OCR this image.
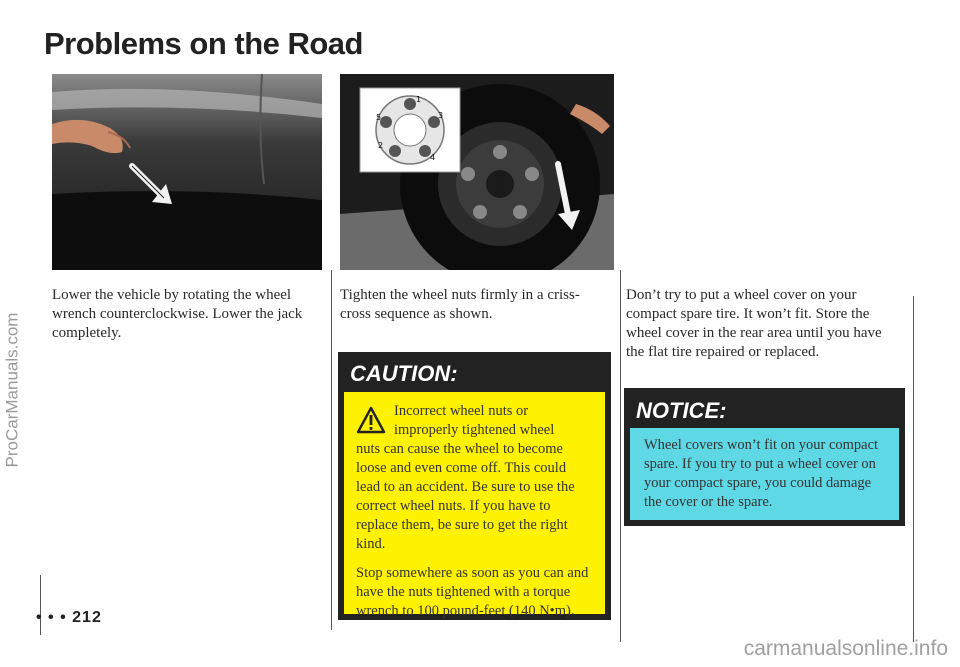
Problems on the Road
1
2
3
4
5
Lower the vehicle by rotating the wheel wrench counterclockwise. Lower the jack completely.
Tighten the wheel nuts firmly in a criss-cross sequence as shown.
Don’t try to put a wheel cover on your compact spare tire. It won’t fit. Store the wheel cover in the rear area until you have the flat tire repaired or replaced.
CAUTION:
Incorrect wheel nuts or improperly tightened wheel
nuts can cause the wheel to become loose and even come off. This could lead to an accident. Be sure to use the correct wheel nuts. If you have to replace them, be sure to get the right kind.
Stop somewhere as soon as you can and have the nuts tightened with a torque wrench to 100 pound-feet (140 N•m).
NOTICE:
Wheel covers won’t fit on your compact spare. If you try to put a wheel cover on your compact spare, you could damage the cover or the spare.
• • • 212
ProCarManuals.com
carmanualsonline.info
